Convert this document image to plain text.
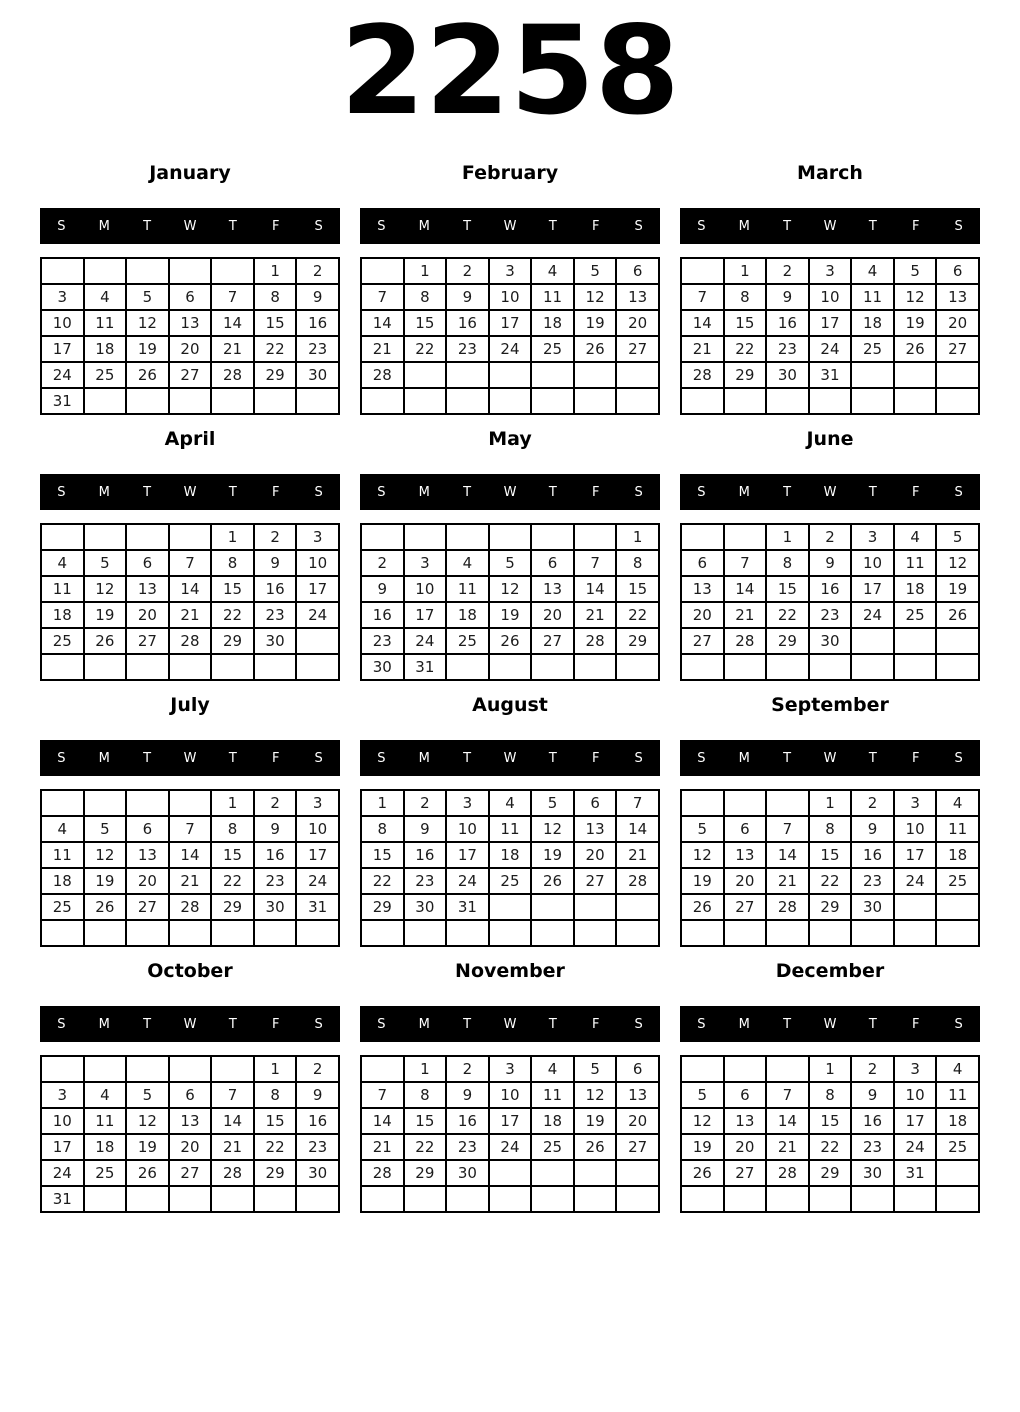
2258
January
S	M	T	W	T	F	S
					1	2
3	4	5	6	7	8	9
10	11	12	13	14	15	16
17	18	19	20	21	22	23
24	25	26	27	28	29	30
31						
February
S	M	T	W	T	F	S
	1	2	3	4	5	6
7	8	9	10	11	12	13
14	15	16	17	18	19	20
21	22	23	24	25	26	27
28						

March
S	M	T	W	T	F	S
	1	2	3	4	5	6
7	8	9	10	11	12	13
14	15	16	17	18	19	20
21	22	23	24	25	26	27
28	29	30	31			

April
S	M	T	W	T	F	S
				1	2	3
4	5	6	7	8	9	10
11	12	13	14	15	16	17
18	19	20	21	22	23	24
25	26	27	28	29	30	

May
S	M	T	W	T	F	S
						1
2	3	4	5	6	7	8
9	10	11	12	13	14	15
16	17	18	19	20	21	22
23	24	25	26	27	28	29
30	31					
June
S	M	T	W	T	F	S
		1	2	3	4	5
6	7	8	9	10	11	12
13	14	15	16	17	18	19
20	21	22	23	24	25	26
27	28	29	30			

July
S	M	T	W	T	F	S
				1	2	3
4	5	6	7	8	9	10
11	12	13	14	15	16	17
18	19	20	21	22	23	24
25	26	27	28	29	30	31

August
S	M	T	W	T	F	S
1	2	3	4	5	6	7
8	9	10	11	12	13	14
15	16	17	18	19	20	21
22	23	24	25	26	27	28
29	30	31				

September
S	M	T	W	T	F	S
			1	2	3	4
5	6	7	8	9	10	11
12	13	14	15	16	17	18
19	20	21	22	23	24	25
26	27	28	29	30		

October
S	M	T	W	T	F	S
					1	2
3	4	5	6	7	8	9
10	11	12	13	14	15	16
17	18	19	20	21	22	23
24	25	26	27	28	29	30
31						
November
S	M	T	W	T	F	S
	1	2	3	4	5	6
7	8	9	10	11	12	13
14	15	16	17	18	19	20
21	22	23	24	25	26	27
28	29	30				

December
S	M	T	W	T	F	S
			1	2	3	4
5	6	7	8	9	10	11
12	13	14	15	16	17	18
19	20	21	22	23	24	25
26	27	28	29	30	31	
